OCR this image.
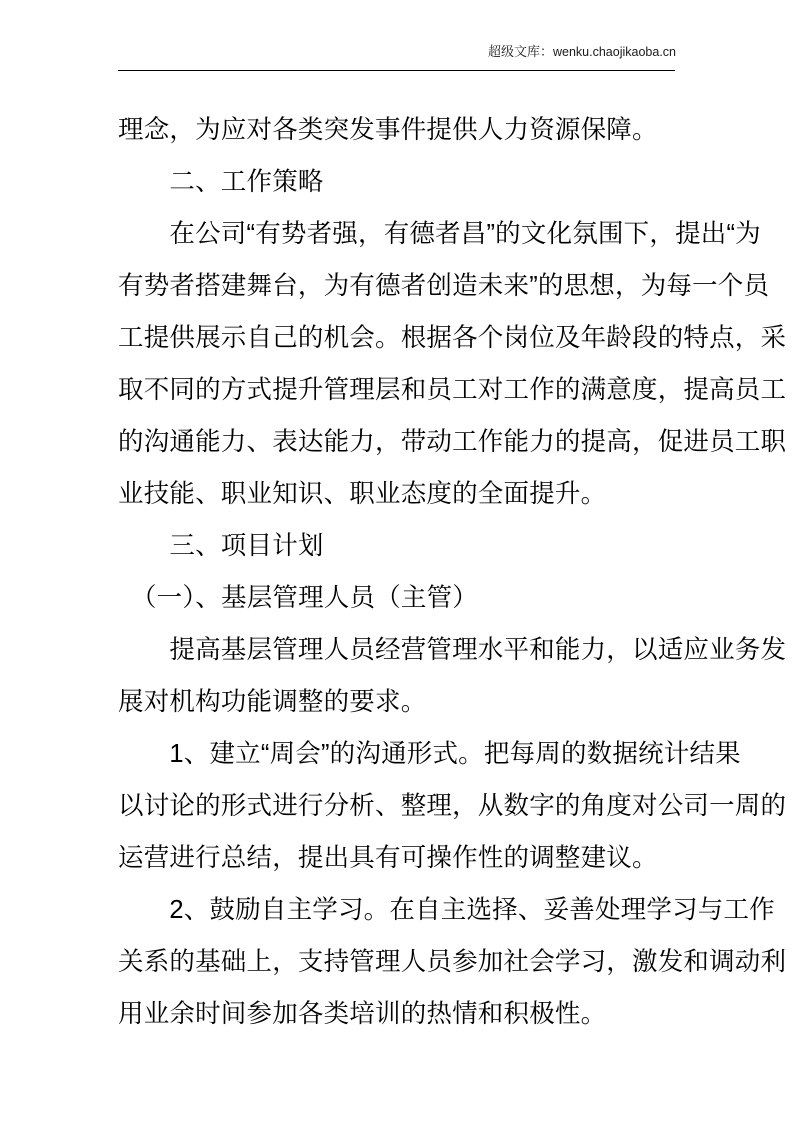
超级文库：wenku.chaojikaoba.cn
理念，为应对各类突发事件提供人力资源保障。
　　二、工作策略
　　在公司“有势者强，有德者昌”的文化氛围下，提出“为
有势者搭建舞台，为有德者创造未来”的思想，为每一个员
工提供展示自己的机会。根据各个岗位及年龄段的特点，采
取不同的方式提升管理层和员工对工作的满意度，提高员工
的沟通能力、表达能力，带动工作能力的提高，促进员工职
业技能、职业知识、职业态度的全面提升。
　　三、项目计划
　（一）、基层管理人员（主管）
　　提高基层管理人员经营管理水平和能力，以适应业务发
展对机构功能调整的要求。
　　1、建立“周会”的沟通形式。把每周的数据统计结果
以讨论的形式进行分析、整理，从数字的角度对公司一周的
运营进行总结，提出具有可操作性的调整建议。
　　2、鼓励自主学习。在自主选择、妥善处理学习与工作
关系的基础上，支持管理人员参加社会学习，激发和调动利
用业余时间参加各类培训的热情和积极性。
